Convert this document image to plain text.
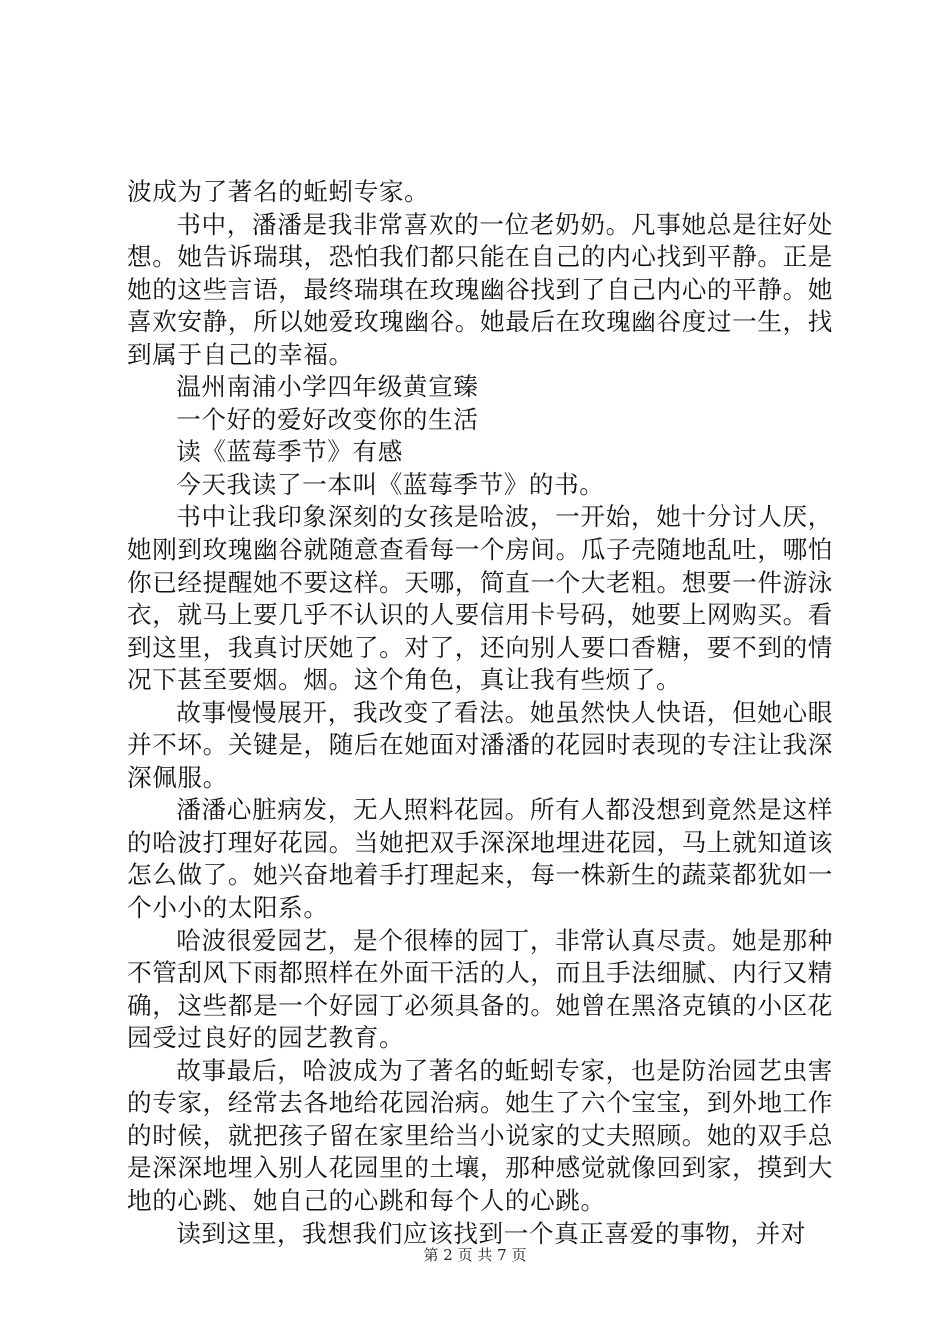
波成为了著名的蚯蚓专家。

书中，潘潘是我非常喜欢的一位老奶奶。凡事她总是往好处想。她告诉瑞琪，恐怕我们都只能在自己的内心找到平静。正是她的这些言语，最终瑞琪在玫瑰幽谷找到了自己内心的平静。她喜欢安静，所以她爱玫瑰幽谷。她最后在玫瑰幽谷度过一生，找到属于自己的幸福。

温州南浦小学四年级黄宣臻

一个好的爱好改变你的生活

读《蓝莓季节》有感

今天我读了一本叫《蓝莓季节》的书。

书中让我印象深刻的女孩是哈波，一开始，她十分讨人厌，她刚到玫瑰幽谷就随意查看每一个房间。瓜子壳随地乱吐，哪怕你已经提醒她不要这样。天哪，简直一个大老粗。想要一件游泳衣，就马上要几乎不认识的人要信用卡号码，她要上网购买。看到这里，我真讨厌她了。对了，还向别人要口香糖，要不到的情况下甚至要烟。烟。这个角色，真让我有些烦了。

故事慢慢展开，我改变了看法。她虽然快人快语，但她心眼并不坏。关键是，随后在她面对潘潘的花园时表现的专注让我深深佩服。

潘潘心脏病发，无人照料花园。所有人都没想到竟然是这样的哈波打理好花园。当她把双手深深地埋进花园，马上就知道该怎么做了。她兴奋地着手打理起来，每一株新生的蔬菜都犹如一个小小的太阳系。

哈波很爱园艺，是个很棒的园丁，非常认真尽责。她是那种不管刮风下雨都照样在外面干活的人，而且手法细腻、内行又精确，这些都是一个好园丁必须具备的。她曾在黑洛克镇的小区花园受过良好的园艺教育。

故事最后，哈波成为了著名的蚯蚓专家，也是防治园艺虫害的专家，经常去各地给花园治病。她生了六个宝宝，到外地工作的时候，就把孩子留在家里给当小说家的丈夫照顾。她的双手总是深深地埋入别人花园里的土壤，那种感觉就像回到家，摸到大地的心跳、她自己的心跳和每个人的心跳。

读到这里，我想我们应该找到一个真正喜爱的事物，并对

第 2 页 共 7 页
